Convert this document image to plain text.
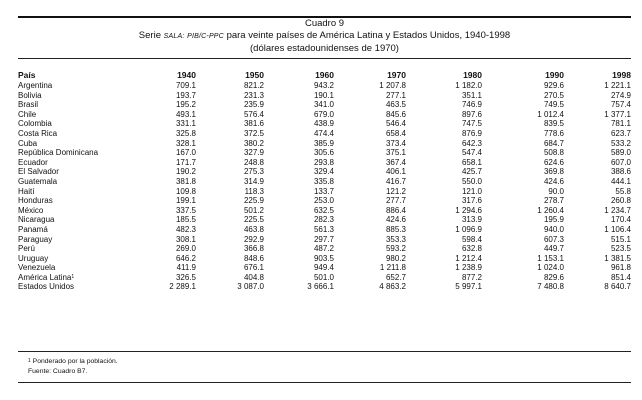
Cuadro 9
Serie SALA: PIB/C-PPC para veinte países de América Latina y Estados Unidos, 1940-1998
(dólares estadounidenses de 1970)
País	1940	1950	1960	1970	1980	1990	1998
Argentina	709.1	821.2	943.2	1 207.8	1 182.0	929.6	1 221.1
Bolivia	193.7	231.3	190.1	277.1	351.1	270.5	274.9
Brasil	195.2	235.9	341.0	463.5	746.9	749.5	757.4
Chile	493.1	576.4	679.0	845.6	897.6	1 012.4	1 377.1
Colombia	331.1	381.6	438.9	546.4	747.5	839.5	781.1
Costa Rica	325.8	372.5	474.4	658.4	876.9	778.6	623.7
Cuba	328.1	380.2	385.9	373.4	642.3	684.7	533.2
República Dominicana	167.0	327.9	305.6	375.1	547.4	508.8	589.0
Ecuador	171.7	248.8	293.8	367.4	658.1	624.6	607.0
El Salvador	190.2	275.3	329.4	406.1	425.7	369.8	388.6
Guatemala	381.8	314.9	335.8	416.7	550.0	424.6	444.1
Haití	109.8	118.3	133.7	121.2	121.0	90.0	55.8
Honduras	199.1	225.9	253.0	277.7	317.6	278.7	260.8
México	337.5	501.2	632.5	886.4	1 294.6	1 260.4	1 234.7
Nicaragua	185.5	225.5	282.3	424.6	313.9	195.9	170.4
Panamá	482.3	463.8	561.3	885.3	1 096.9	940.0	1 106.4
Paraguay	308.1	292.9	297.7	353.3	598.4	607.3	515.1
Perú	269.0	366.8	487.2	593.2	632.8	449.7	523.5
Uruguay	646.2	848.6	903.5	980.2	1 212.4	1 153.1	1 381.5
Venezuela	411.9	676.1	949.4	1 211.8	1 238.9	1 024.0	961.8
América Latina$^1$	326.5	404.8	501.0	652.7	877.2	829.6	851.4
Estados Unidos	2 289.1	3 087.0	3 666.1	4 863.2	5 997.1	7 480.8	8 640.7
$^1$ Ponderado por la población.
Fuente: Cuadro B7.
